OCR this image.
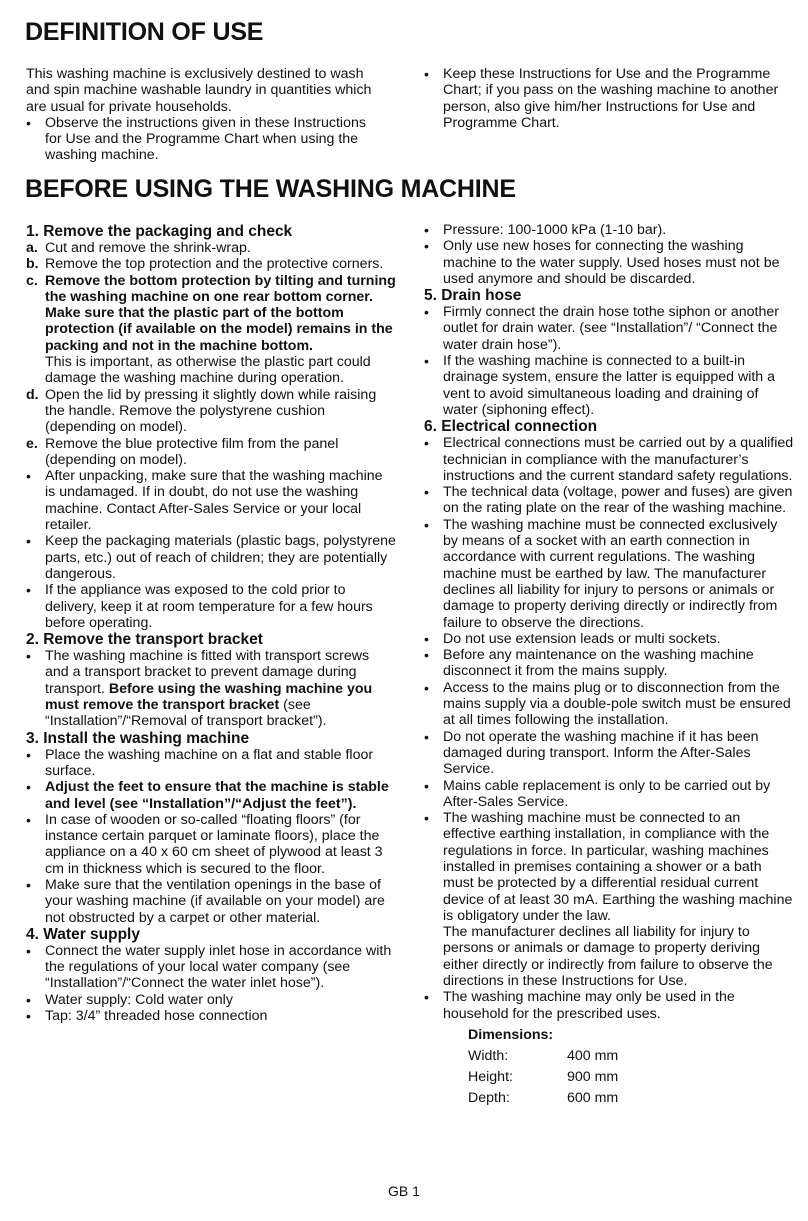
DEFINITION OF USE

This washing machine is exclusively destined to wash and spin machine washable laundry in quantities which are usual for private households.

• Observe the instructions given in these Instructions for Use and the Programme Chart when using the washing machine.
• Keep these Instructions for Use and the Programme Chart; if you pass on the washing machine to another person, also give him/her Instructions for Use and Programme Chart.
BEFORE USING THE WASHING MACHINE
1. Remove the packaging and check
a. Cut and remove the shrink-wrap.
b. Remove the top protection and the protective corners.
c. Remove the bottom protection by tilting and turning the washing machine on one rear bottom corner. Make sure that the plastic part of the bottom protection (if available on the model) remains in the packing and not in the machine bottom.
This is important, as otherwise the plastic part could damage the washing machine during operation.
d. Open the lid by pressing it slightly down while raising the handle. Remove the polystyrene cushion (depending on model).
e. Remove the blue protective film from the panel (depending on model).
• After unpacking, make sure that the washing machine is undamaged. If in doubt, do not use the washing machine. Contact After-Sales Service or your local retailer.
• Keep the packaging materials (plastic bags, polystyrene parts, etc.) out of reach of children; they are potentially dangerous.
• If the appliance was exposed to the cold prior to delivery, keep it at room temperature for a few hours before operating.
2. Remove the transport bracket
• The washing machine is fitted with transport screws and a transport bracket to prevent damage during transport. Before using the washing machine you must remove the transport bracket (see “Installation”/“Removal of transport bracket”).
3. Install the washing machine
• Place the washing machine on a flat and stable floor surface.
• Adjust the feet to ensure that the machine is stable and level (see “Installation”/“Adjust the feet”).
• In case of wooden or so-called “floating floors” (for instance certain parquet or laminate floors), place the appliance on a 40 x 60 cm sheet of plywood at least 3 cm in thickness which is secured to the floor.
• Make sure that the ventilation openings in the base of your washing machine (if available on your model) are not obstructed by a carpet or other material.
4. Water supply
• Connect the water supply inlet hose in accordance with the regulations of your local water company (see “Installation”/“Connect the water inlet hose”).
• Water supply: Cold water only
• Tap: 3/4” threaded hose connection
• Pressure: 100-1000 kPa (1-10 bar).
• Only use new hoses for connecting the washing machine to the water supply. Used hoses must not be used anymore and should be discarded.
5. Drain hose
• Firmly connect the drain hose tothe siphon or another outlet for drain water. (see “Installation”/ “Connect the water drain hose”).
• If the washing machine is connected to a built-in drainage system, ensure the latter is equipped with a vent to avoid simultaneous loading and draining of water (siphoning effect).
6. Electrical connection
• Electrical connections must be carried out by a qualified technician in compliance with the manufacturer’s instructions and the current standard safety regulations.
• The technical data (voltage, power and fuses) are given on the rating plate on the rear of the washing machine.
• The washing machine must be connected exclusively by means of a socket with an earth connection in accordance with current regulations. The washing machine must be earthed by law. The manufacturer declines all liability for injury to persons or animals or damage to property deriving directly or indirectly from failure to observe the directions.
• Do not use extension leads or multi sockets.
• Before any maintenance on the washing machine disconnect it from the mains supply.
• Access to the mains plug or to disconnection from the mains supply via a double-pole switch must be ensured at all times following the installation.
• Do not operate the washing machine if it has been damaged during transport. Inform the After-Sales Service.
• Mains cable replacement is only to be carried out by After-Sales Service.
• The washing machine must be connected to an effective earthing installation, in compliance with the regulations in force. In particular, washing machines installed in premises containing a shower or a bath must be protected by a differential residual current device of at least 30 mA. Earthing the washing machine is obligatory under the law.
The manufacturer declines all liability for injury to persons or animals or damage to property deriving either directly or indirectly from failure to observe the directions in these Instructions for Use.
• The washing machine may only be used in the household for the prescribed uses.
Dimensions:
Width:	400 mm
Height:	900 mm
Depth:	600 mm
GB 1
